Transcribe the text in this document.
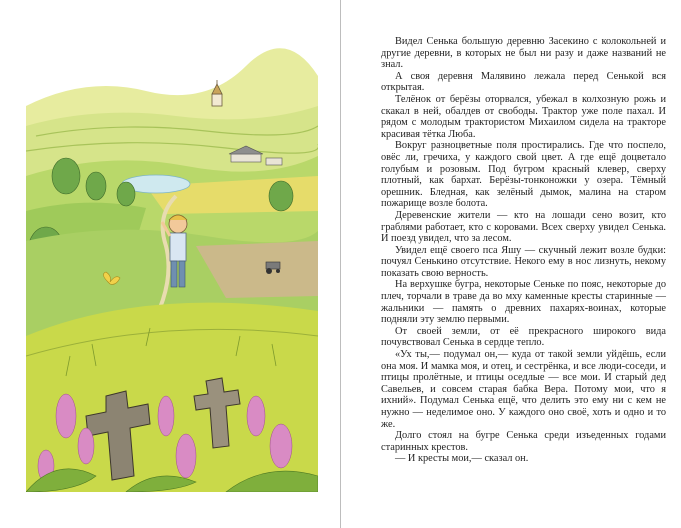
Видел Сенька большую деревню Засекино с колокольней и другие деревни, в которых не был ни разу и даже названий не знал.

А своя деревня Малявино лежала перед Сенькой вся открытая.

Телёнок от берёзы оторвался, убежал в колхозную рожь и скакал в ней, обалдев от свободы. Трактор уже поле пахал. И рядом с молодым трактористом Михаилом сидела на тракторе красивая тётка Люба.

Вокруг разноцветные поля простирались. Где что поспело, овёс ли, гречиха, у каждого свой цвет. А где ещё доцветало голубым и розовым. Под бугром красный клевер, сверху плотный, как бархат. Берёзы-тонконожки у озера. Тёмный орешник. Бледная, как зелёный дымок, малина на старом пожарище возле болота.

Деревенские жители — кто на лошади сено возит, кто граблями работает, кто с коровами. Всех сверху увидел Сенька. И поезд увидел, что за лесом.

Увидел ещё своего пса Яшу — скучный лежит возле будки: почуял Сенькино отсутствие. Некого ему в нос лизнуть, некому показать свою верность.

На верхушке бугра, некоторые Сеньке по пояс, некоторые до плеч, торчали в траве да во мху каменные кресты старинные — жальники — память о древних пахарях-воинах, которые подняли эту землю первыми.

От своей земли, от её прекрасного широкого вида почувствовал Сенька в сердце тепло.

«Ух ты,— подумал он,— куда от такой земли уйдёшь, если она моя. И мамка моя, и отец, и сестрёнка, и все люди-соседи, и птицы пролётные, и птицы оседлые — все мои. И старый дед Савельев, и совсем старая бабка Вера. Потому мои, что я ихний». Подумал Сенька ещё, что делить это ему ни с кем не нужно — неделимое оно. У каждого оно своё, хоть и одно и то же.

Долго стоял на бугре Сенька среди изъеденных годами старинных крестов.

— И кресты мои,— сказал он.
